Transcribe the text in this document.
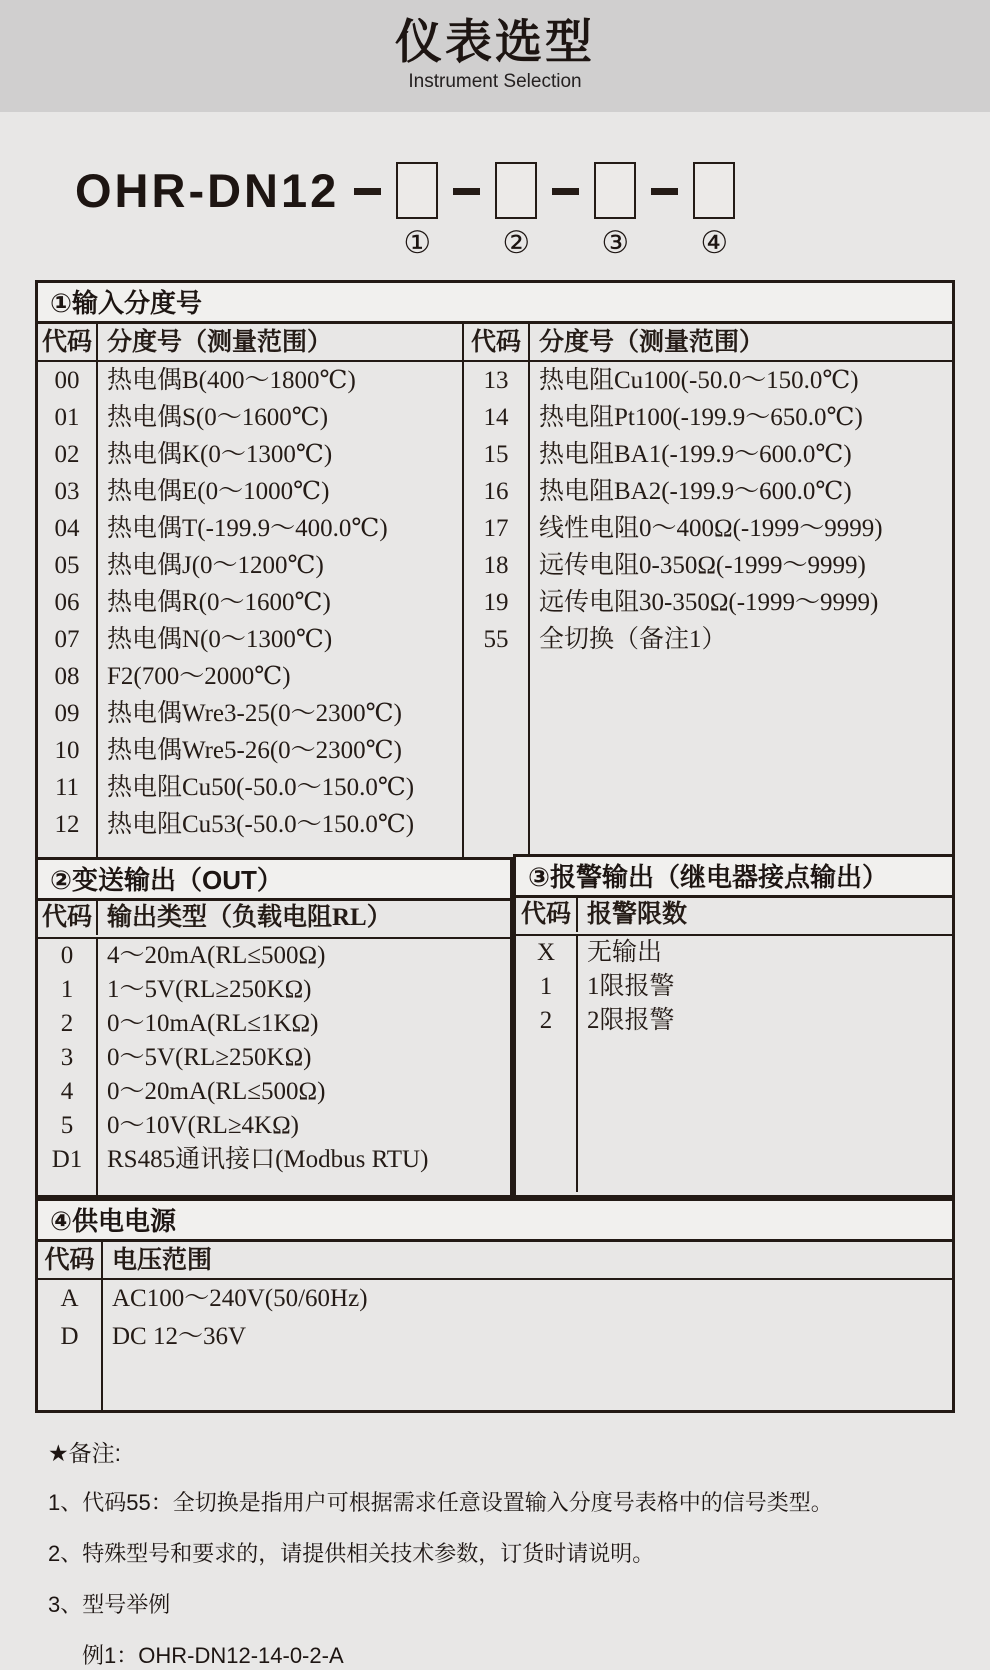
仪表选型
Instrument Selection
OHR-DN12
① ② ③ ④
①输入分度号
代码 分度号（测量范围）	代码 分度号（测量范围）
00
01
02
03
04
05
06
07
08
09
10
11
12
热电偶B(400～1800℃)
热电偶S(0～1600℃)
热电偶K(0～1300℃)
热电偶E(0～1000℃)
热电偶T(-199.9～400.0℃)
热电偶J(0～1200℃)
热电偶R(0～1600℃)
热电偶N(0～1300℃)
F2(700～2000℃)
热电偶Wre3-25(0～2300℃)
热电偶Wre5-26(0～2300℃)
热电阻Cu50(-50.0～150.0℃)
热电阻Cu53(-50.0～150.0℃)
13
14
15
16
17
18
19
55
热电阻Cu100(-50.0～150.0℃)
热电阻Pt100(-199.9～650.0℃)
热电阻BA1(-199.9～600.0℃)
热电阻BA2(-199.9～600.0℃)
线性电阻0～400Ω(-1999～9999)
远传电阻0-350Ω(-1999～9999)
远传电阻30-350Ω(-1999～9999)
全切换（备注1）
②变送输出（OUT）
代码 输出类型（负载电阻RL）
0
1
2
3
4
5
D1
4～20mA(RL≤500Ω)
1～5V(RL≥250KΩ)
0～10mA(RL≤1KΩ)
0～5V(RL≥250KΩ)
0～20mA(RL≤500Ω)
0～10V(RL≥4KΩ)
RS485通讯接口(Modbus RTU)
③报警输出（继电器接点输出）
代码 报警限数
X
1
2
无输出
1限报警
2限报警
④供电电源
代码 电压范围
A
D
AC100～240V(50/60Hz)
DC 12～36V
★备注:
1、代码55：全切换是指用户可根据需求任意设置输入分度号表格中的信号类型。
2、特殊型号和要求的，请提供相关技术参数，订货时请说明。
3、型号举例
例1：OHR-DN12-14-0-2-A
